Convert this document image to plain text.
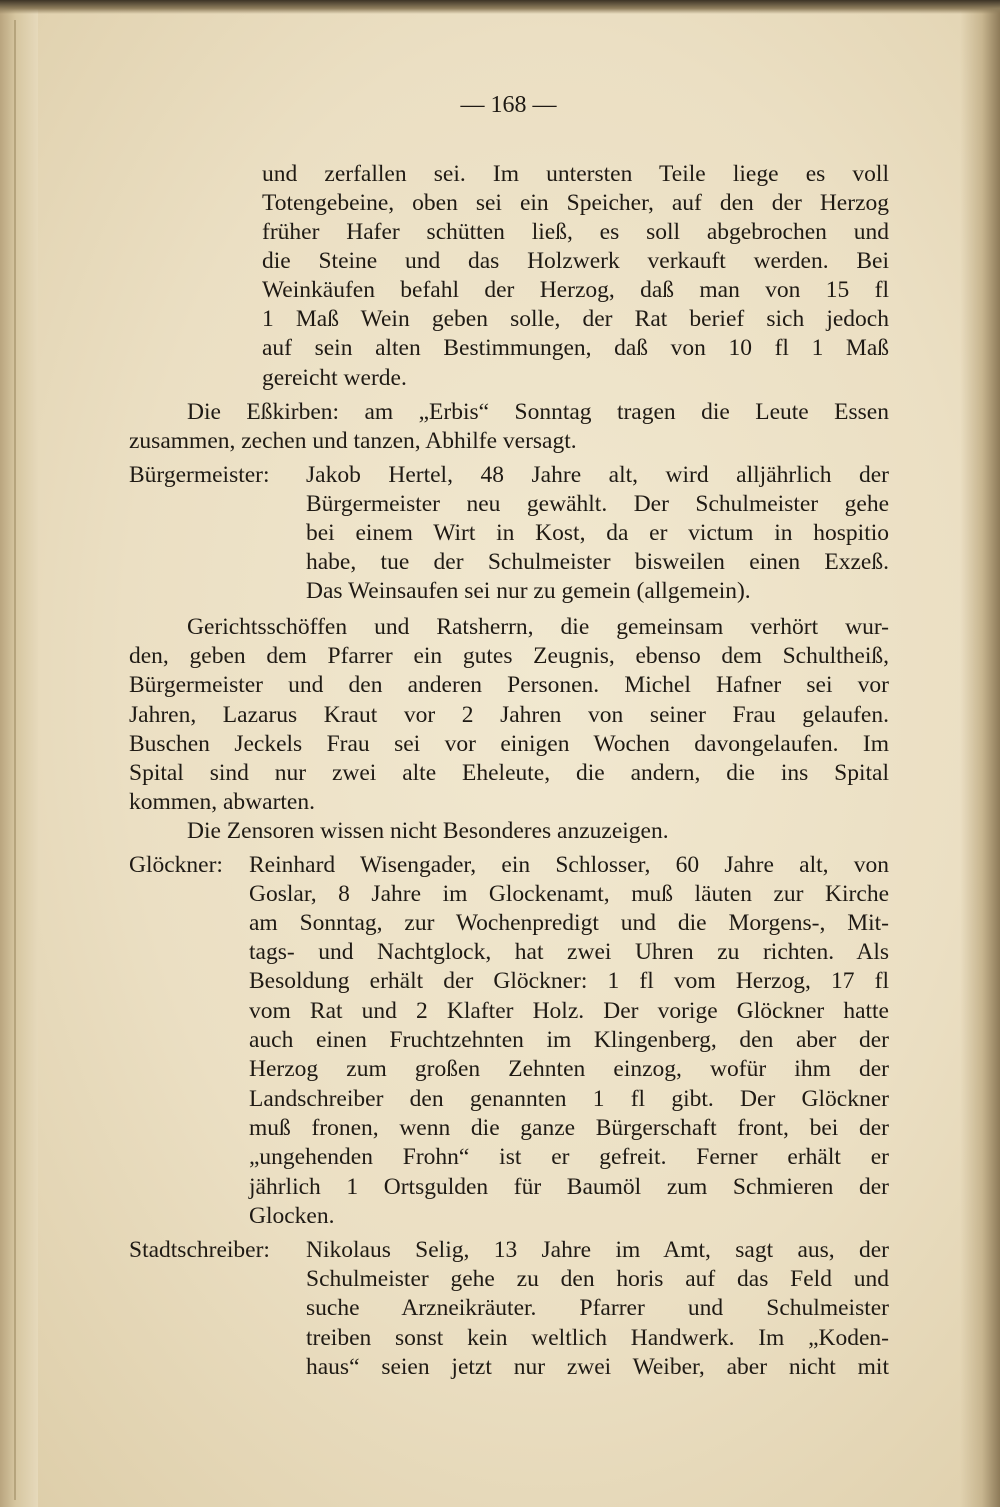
— 168 —
und zerfallen sei. Im untersten Teile liege es voll
Totengebeine, oben sei ein Speicher, auf den der Herzog
früher Hafer schütten ließ, es soll abgebrochen und
die Steine und das Holzwerk verkauft werden. Bei
Weinkäufen befahl der Herzog, daß man von 15 fl
1 Maß Wein geben solle, der Rat berief sich jedoch
auf sein alten Bestimmungen, daß von 10 fl 1 Maß
gereicht werde.
Die Eßkirben: am „Erbis“ Sonntag tragen die Leute Essen
zusammen, zechen und tanzen, Abhilfe versagt.
Bürgermeister: Jakob Hertel, 48 Jahre alt, wird alljährlich der
Bürgermeister neu gewählt. Der Schulmeister gehe
bei einem Wirt in Kost, da er victum in hospitio
habe, tue der Schulmeister bisweilen einen Exzeß.
Das Weinsaufen sei nur zu gemein (allgemein).
Gerichtsschöffen und Ratsherrn, die gemeinsam verhört wur-
den, geben dem Pfarrer ein gutes Zeugnis, ebenso dem Schultheiß,
Bürgermeister und den anderen Personen. Michel Hafner sei vor
Jahren, Lazarus Kraut vor 2 Jahren von seiner Frau gelaufen.
Buschen Jeckels Frau sei vor einigen Wochen davongelaufen. Im
Spital sind nur zwei alte Eheleute, die andern, die ins Spital
kommen, abwarten.
Die Zensoren wissen nicht Besonderes anzuzeigen.
Glöckner: Reinhard Wisengader, ein Schlosser, 60 Jahre alt, von
Goslar, 8 Jahre im Glockenamt, muß läuten zur Kirche
am Sonntag, zur Wochenpredigt und die Morgens-, Mit-
tags- und Nachtglock, hat zwei Uhren zu richten. Als
Besoldung erhält der Glöckner: 1 fl vom Herzog, 17 fl
vom Rat und 2 Klafter Holz. Der vorige Glöckner hatte
auch einen Fruchtzehnten im Klingenberg, den aber der
Herzog zum großen Zehnten einzog, wofür ihm der
Landschreiber den genannten 1 fl gibt. Der Glöckner
muß fronen, wenn die ganze Bürgerschaft front, bei der
„ungehenden Frohn“ ist er gefreit. Ferner erhält er
jährlich 1 Ortsgulden für Baumöl zum Schmieren der
Glocken.
Stadtschreiber: Nikolaus Selig, 13 Jahre im Amt, sagt aus, der
Schulmeister gehe zu den horis auf das Feld und
suche Arzneikräuter. Pfarrer und Schulmeister
treiben sonst kein weltlich Handwerk. Im „Koden-
haus“ seien jetzt nur zwei Weiber, aber nicht mit
